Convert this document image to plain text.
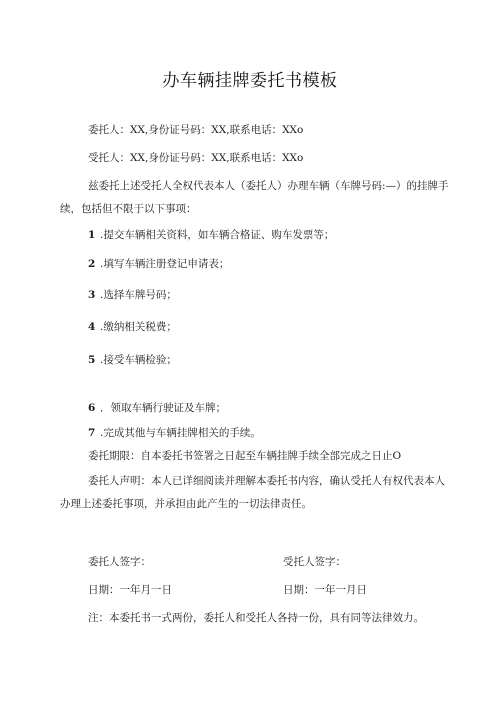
办车辆挂牌委托书模板
委托人：XX,身份证号码：XX,联系电话：XXo
受托人：XX,身份证号码：XX,联系电话：XXo
兹委托上述受托人全权代表本人（委托人）办理车辆（车牌号码:—）的挂牌手续，包括但不限于以下事项：
1 .提交车辆相关资料，如车辆合格证、购车发票等；
2 .填写车辆注册登记申请表；
3 .选择车牌号码；
4 .缴纳相关税费；
5 .接受车辆检验；
6 ．领取车辆行驶证及车牌；
7 .完成其他与车辆挂牌相关的手续。
委托期限：自本委托书签署之日起至车辆挂牌手续全部完成之日止O
委托人声明：本人已详细阅读并理解本委托书内容，确认受托人有权代表本人办理上述委托事项，并承担由此产生的一切法律责任。
委托人签字：	受托人签字：
日期：一年月一日	日期：一年一月日
注：本委托书一式两份，委托人和受托人各持一份，具有同等法律效力。
